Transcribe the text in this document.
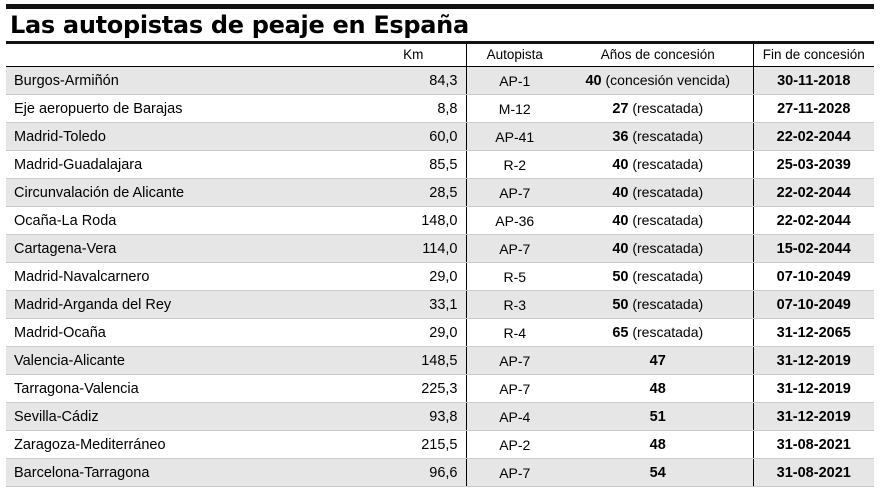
Las autopistas de peaje en España
	Km	Autopista	Años de concesión	Fin de concesión
Burgos-Armiñón	84,3	AP-1	40 (concesión vencida)	30-11-2018
Eje aeropuerto de Barajas	8,8	M-12	27 (rescatada)	27-11-2028
Madrid-Toledo	60,0	AP-41	36 (rescatada)	22-02-2044
Madrid-Guadalajara	85,5	R-2	40 (rescatada)	25-03-2039
Circunvalación de Alicante	28,5	AP-7	40 (rescatada)	22-02-2044
Ocaña-La Roda	148,0	AP-36	40 (rescatada)	22-02-2044
Cartagena-Vera	114,0	AP-7	40 (rescatada)	15-02-2044
Madrid-Navalcarnero	29,0	R-5	50 (rescatada)	07-10-2049
Madrid-Arganda del Rey	33,1	R-3	50 (rescatada)	07-10-2049
Madrid-Ocaña	29,0	R-4	65 (rescatada)	31-12-2065
Valencia-Alicante	148,5	AP-7	47	31-12-2019
Tarragona-Valencia	225,3	AP-7	48	31-12-2019
Sevilla-Cádiz	93,8	AP-4	51	31-12-2019
Zaragoza-Mediterráneo	215,5	AP-2	48	31-08-2021
Barcelona-Tarragona	96,6	AP-7	54	31-08-2021
